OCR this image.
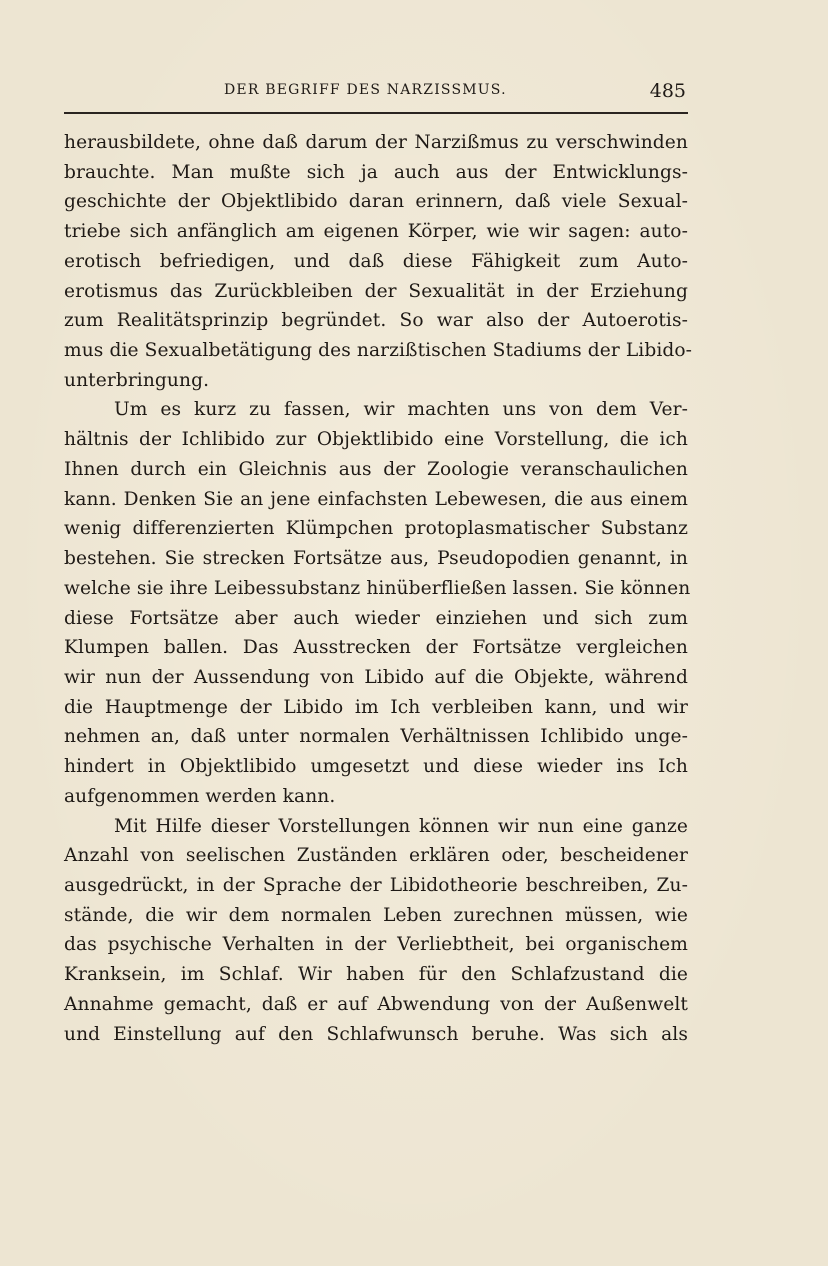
DER BEGRIFF DES NARZISSMUS.	485
herausbildete, ohne daß darum der Narzißmus zu verschwinden
brauchte. Man mußte sich ja auch aus der Entwicklungs-
geschichte der Objektlibido daran erinnern, daß viele Sexual-
triebe sich anfänglich am eigenen Körper, wie wir sagen: auto-
erotisch befriedigen, und daß diese Fähigkeit zum Auto-
erotismus das Zurückbleiben der Sexualität in der Erziehung
zum Realitätsprinzip begründet. So war also der Autoerotis-
mus die Sexualbetätigung des narzißtischen Stadiums der Libido-
unterbringung.
Um es kurz zu fassen, wir machten uns von dem Ver-
hältnis der Ichlibido zur Objektlibido eine Vorstellung, die ich
Ihnen durch ein Gleichnis aus der Zoologie veranschaulichen
kann. Denken Sie an jene einfachsten Lebewesen, die aus einem
wenig differenzierten Klümpchen protoplasmatischer Substanz
bestehen. Sie strecken Fortsätze aus, Pseudopodien genannt, in
welche sie ihre Leibessubstanz hinüberfließen lassen. Sie können
diese Fortsätze aber auch wieder einziehen und sich zum
Klumpen ballen. Das Ausstrecken der Fortsätze vergleichen
wir nun der Aussendung von Libido auf die Objekte, während
die Hauptmenge der Libido im Ich verbleiben kann, und wir
nehmen an, daß unter normalen Verhältnissen Ichlibido unge-
hindert in Objektlibido umgesetzt und diese wieder ins Ich
aufgenommen werden kann.
Mit Hilfe dieser Vorstellungen können wir nun eine ganze
Anzahl von seelischen Zuständen erklären oder, bescheidener
ausgedrückt, in der Sprache der Libidotheorie beschreiben, Zu-
stände, die wir dem normalen Leben zurechnen müssen, wie
das psychische Verhalten in der Verliebtheit, bei organischem
Kranksein, im Schlaf. Wir haben für den Schlafzustand die
Annahme gemacht, daß er auf Abwendung von der Außenwelt
und Einstellung auf den Schlafwunsch beruhe. Was sich als
